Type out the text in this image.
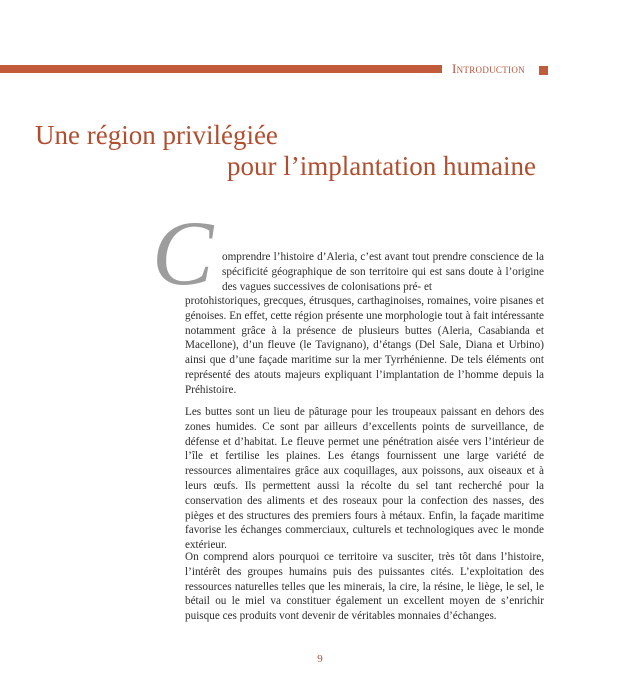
Introduction
Une région privilégiée
pour l’implantation humaine
C omprendre l’histoire d’Aleria, c’est avant tout prendre conscience de la spécificité géographique de son territoire qui est sans doute à l’origine des vagues successives de colonisations pré- et
protohistoriques, grecques, étrusques, carthaginoises, romaines, voire pisanes et génoises. En effet, cette région présente une morphologie tout à fait intéressante notamment grâce à la présence de plusieurs buttes (Aleria, Casabianda et Macellone), d’un fleuve (le Tavignano), d’étangs (Del Sale, Diana et Urbino) ainsi que d’une façade maritime sur la mer Tyrrhénienne. De tels éléments ont représenté des atouts majeurs expliquant l’implantation de l’homme depuis la Préhistoire.
Les buttes sont un lieu de pâturage pour les troupeaux paissant en dehors des zones humides. Ce sont par ailleurs d’excellents points de surveillance, de défense et d’habitat. Le fleuve permet une pénétration aisée vers l’intérieur de l’île et fertilise les plaines. Les étangs fournissent une large variété de ressources alimentaires grâce aux coquillages, aux poissons, aux oiseaux et à leurs œufs. Ils permettent aussi la récolte du sel tant recherché pour la conservation des aliments et des roseaux pour la confection des nasses, des pièges et des structures des premiers fours à métaux. Enfin, la façade maritime favorise les échanges commerciaux, culturels et technologiques avec le monde extérieur.
On comprend alors pourquoi ce territoire va susciter, très tôt dans l’histoire, l’intérêt des groupes humains puis des puissantes cités. L’exploitation des ressources naturelles telles que les minerais, la cire, la résine, le liège, le sel, le bétail ou le miel va constituer également un excellent moyen de s’enrichir puisque ces produits vont devenir de véritables monnaies d’échanges.
9
